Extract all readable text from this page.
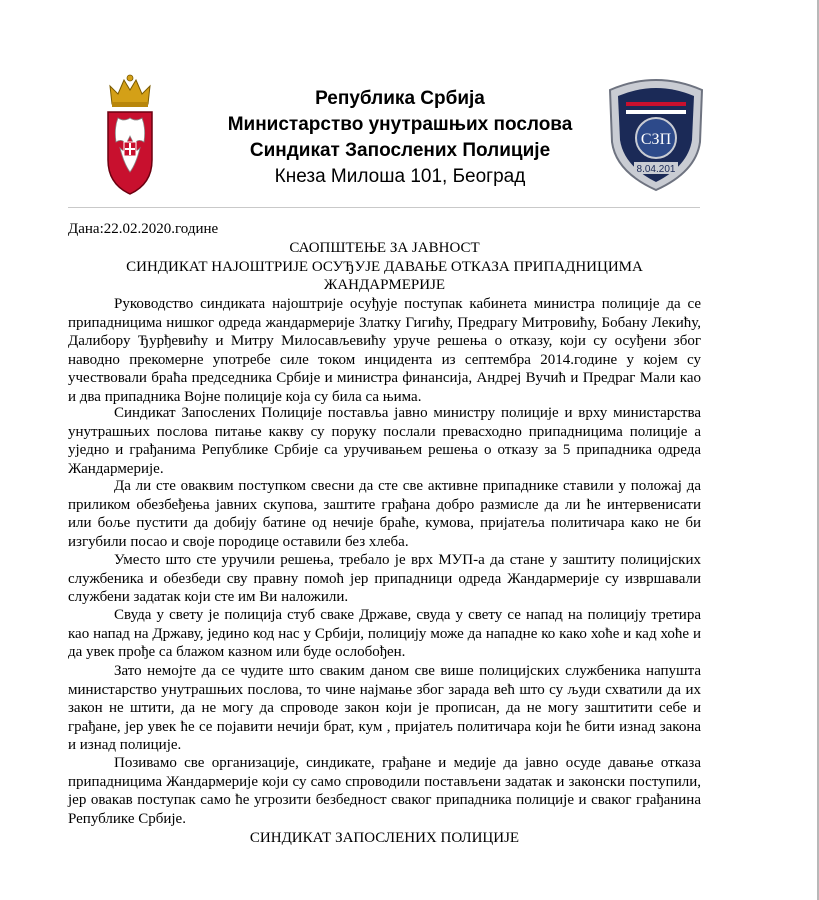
СЗП
8.04.201
Република Србија
Министарство унутрашњих послова
Синдикат Запослених Полиције
Кнеза Милоша 101, Београд
Дана:22.02.2020.године
САОПШТЕЊЕ ЗА ЈАВНОСТ
СИНДИКАТ НАЈОШТРИЈЕ ОСУЂУЈЕ ДАВАЊЕ ОТКАЗА ПРИПАДНИЦИМА
ЖАНДАРМЕРИЈЕ
Руководство синдиката најоштрије осуђује поступак кабинета министра полиције да се припадницима нишког одреда жандармерије Златку Гигићу, Предрагу Митровићу, Бобану Лекићу, Далибору Ђурђевићу и Митру Милосављевићу уруче решења о отказу, који су осуђени због наводно прекомерне употребе силе током инцидента из септембра 2014.године у којем су учествовали браћа председника Србије и министра финансија, Андреј Вучић и Предраг Мали као и два припадника Војне полиције која су била са њима.
Синдикат Запослених Полиције поставља јавно министру полиције и врху министарства унутрашњих послова питање какву су поруку послали превасходно припадницима полиције а уједно и грађанима Републике Србије са уручивањем решења о отказу за 5 припадника одреда Жандармерије.
Да ли сте оваквим поступком свесни да сте све активне припаднике ставили у положај да приликом обезбеђења јавних скупова, заштите грађана добро размисле да ли ће интервенисати или боље пустити да добију батине од нечије браће, кумова, пријатеља политичара како не би изгубили посао и своје породице оставили без хлеба.
Уместо што сте уручили решења, требало је врх МУП-а да стане у заштиту полицијских службеника и обезбеди сву правну помоћ јер припадници одреда Жандармерије су извршавали службени задатак који сте им Ви наложили.
Свуда у свету је полиција стуб сваке Државе, свуда у свету се напад на полицију третира као напад на Државу, једино код нас у Србији, полицију може да нападне ко како хоће и кад хоће и да увек прође са блажом казном или буде ослобођен.
Зато немојте да се чудите што сваким даном све више полицијских службеника напушта министарство унутрашњих послова, то чине најмање због зарада већ што су људи схватили да их закон не штити, да не могу да спроводе закон који је прописан, да не могу заштитити себе и грађане, јер увек ће се појавити нечији брат, кум , пријатељ политичара који ће бити изнад закона и изнад полиције.
Позивамо све организације, синдикате, грађане и медије да јавно осуде давање отказа припадницима Жандармерије који су само спроводили постављени задатак и законски поступили, јер овакав поступак само ће угрозити безбедност сваког припадника полиције и сваког грађанина Републике Србије.
СИНДИКАТ ЗАПОСЛЕНИХ ПОЛИЦИЈЕ
